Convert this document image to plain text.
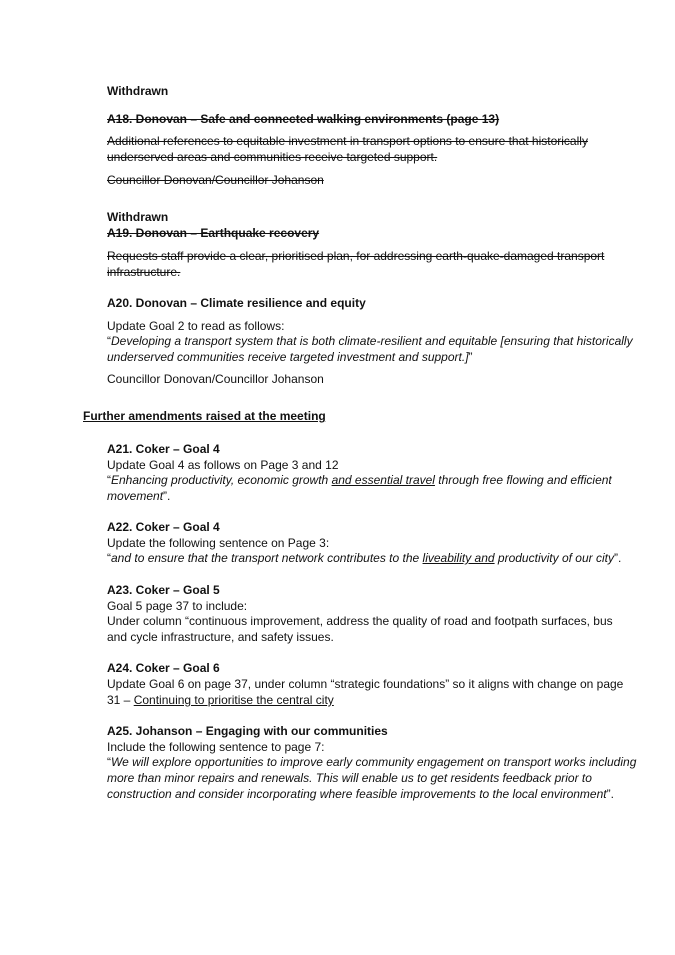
Withdrawn
A18. Donovan – Safe and connected walking environments (page 13)
Additional references to equitable investment in transport options to ensure that historically
underserved areas and communities receive targeted support.
Councillor Donovan/Councillor Johanson
Withdrawn
A19. Donovan – Earthquake recovery
Requests staff provide a clear, prioritised plan, for addressing earth-quake-damaged transport
infrastructure.
A20. Donovan – Climate resilience and equity
Update Goal 2 to read as follows:
“Developing a transport system that is both climate-resilient and equitable [ensuring that historically
underserved communities receive targeted investment and support.]”
Councillor Donovan/Councillor Johanson
Further amendments raised at the meeting
A21. Coker – Goal 4
Update Goal 4 as follows on Page 3 and 12
“Enhancing productivity, economic growth and essential travel through free flowing and efficient
movement”.
A22. Coker – Goal 4
Update the following sentence on Page 3:
“and to ensure that the transport network contributes to the liveability and productivity of our city”.
A23. Coker – Goal 5
Goal 5 page 37 to include:
Under column “continuous improvement, address the quality of road and footpath surfaces, bus
and cycle infrastructure, and safety issues.
A24. Coker – Goal 6
Update Goal 6 on page 37, under column “strategic foundations” so it aligns with change on page
31 – Continuing to prioritise the central city
A25. Johanson – Engaging with our communities
Include the following sentence to page 7:
“We will explore opportunities to improve early community engagement on transport works including
more than minor repairs and renewals. This will enable us to get residents feedback prior to
construction and consider incorporating where feasible improvements to the local environment”.
